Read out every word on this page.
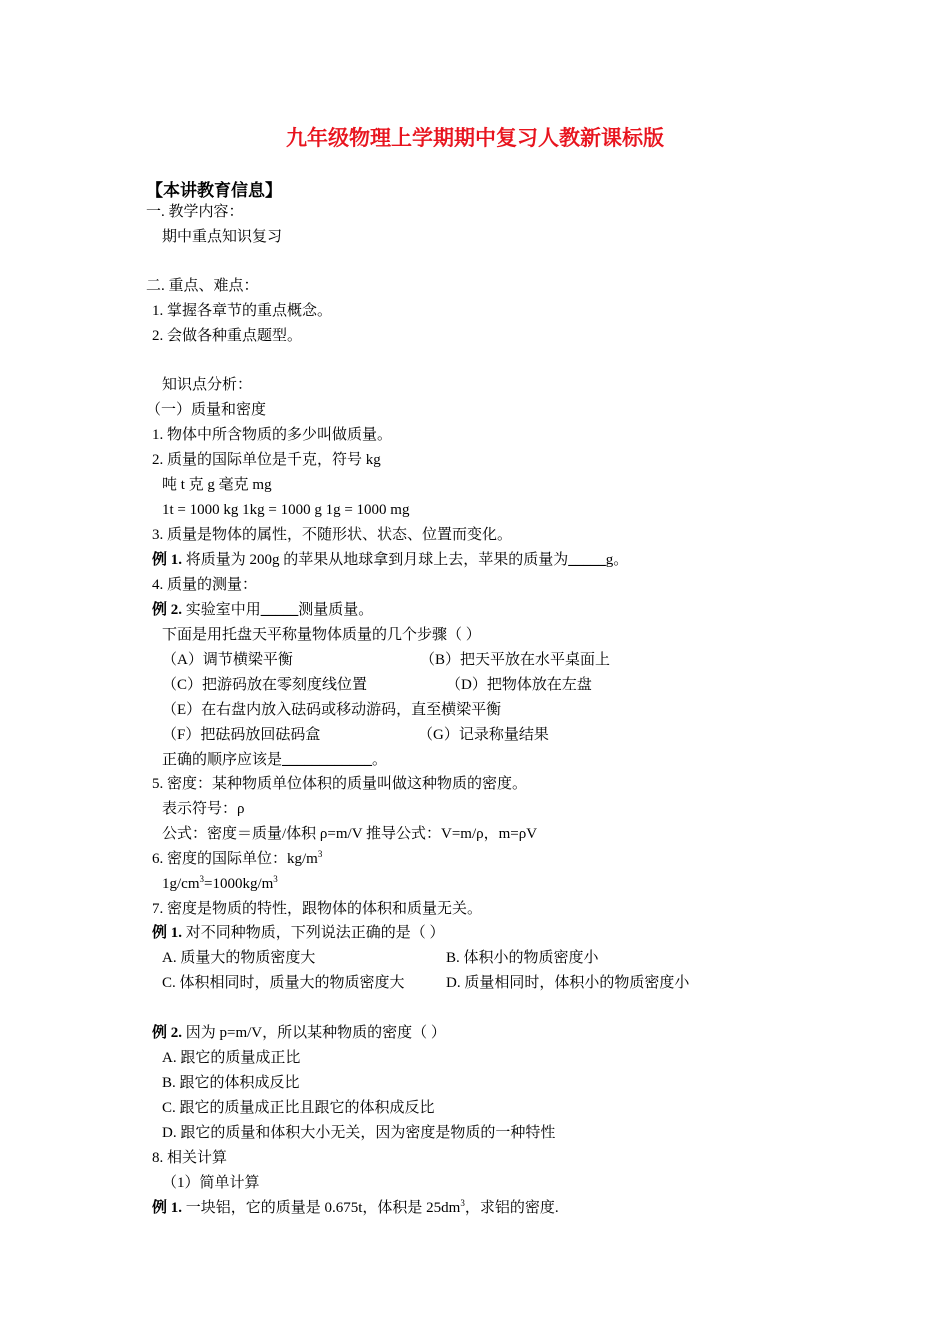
九年级物理上学期期中复习人教新课标版
【本讲教育信息】
一. 教学内容：
期中重点知识复习
二. 重点、难点：
1. 掌握各章节的重点概念。
2. 会做各种重点题型。
知识点分析：
（一）质量和密度
1. 物体中所含物质的多少叫做质量。
2. 质量的国际单位是千克，符号 kg
吨 t 克 g 毫克 mg
1t = 1000 kg 1kg = 1000 g 1g = 1000 mg
3. 质量是物体的属性，不随形状、状态、位置而变化。
例 1. 将质量为 200g 的苹果从地球拿到月球上去，苹果的质量为_____g。
4. 质量的测量：
例 2. 实验室中用_____测量质量。
下面是用托盘天平称量物体质量的几个步骤（ ）
（A）调节横梁平衡	（B）把天平放在水平桌面上
（C）把游码放在零刻度线位置	（D）把物体放在左盘
（E）在右盘内放入砝码或移动游码，直至横梁平衡
（F）把砝码放回砝码盒	（G）记录称量结果
正确的顺序应该是____________。
5. 密度：某种物质单位体积的质量叫做这种物质的密度。
表示符号：ρ
公式：密度＝质量/体积 ρ=m/V 推导公式：V=m/ρ，m=ρV
6. 密度的国际单位：$kg/m^3$
$1g/cm^3=1000kg/m^3$
7. 密度是物质的特性，跟物体的体积和质量无关。
例 1. 对不同种物质，下列说法正确的是（ ）
A. 质量大的物质密度大	B. 体积小的物质密度小
C. 体积相同时，质量大的物质密度大	D. 质量相同时，体积小的物质密度小
例 2. 因为 p=m/V，所以某种物质的密度（ ）
A. 跟它的质量成正比
B. 跟它的体积成反比
C. 跟它的质量成正比且跟它的体积成反比
D. 跟它的质量和体积大小无关，因为密度是物质的一种特性
8. 相关计算
（1）简单计算
例 1. 一块铝，它的质量是 0.675t，体积是 $25dm^3$，求铝的密度.
